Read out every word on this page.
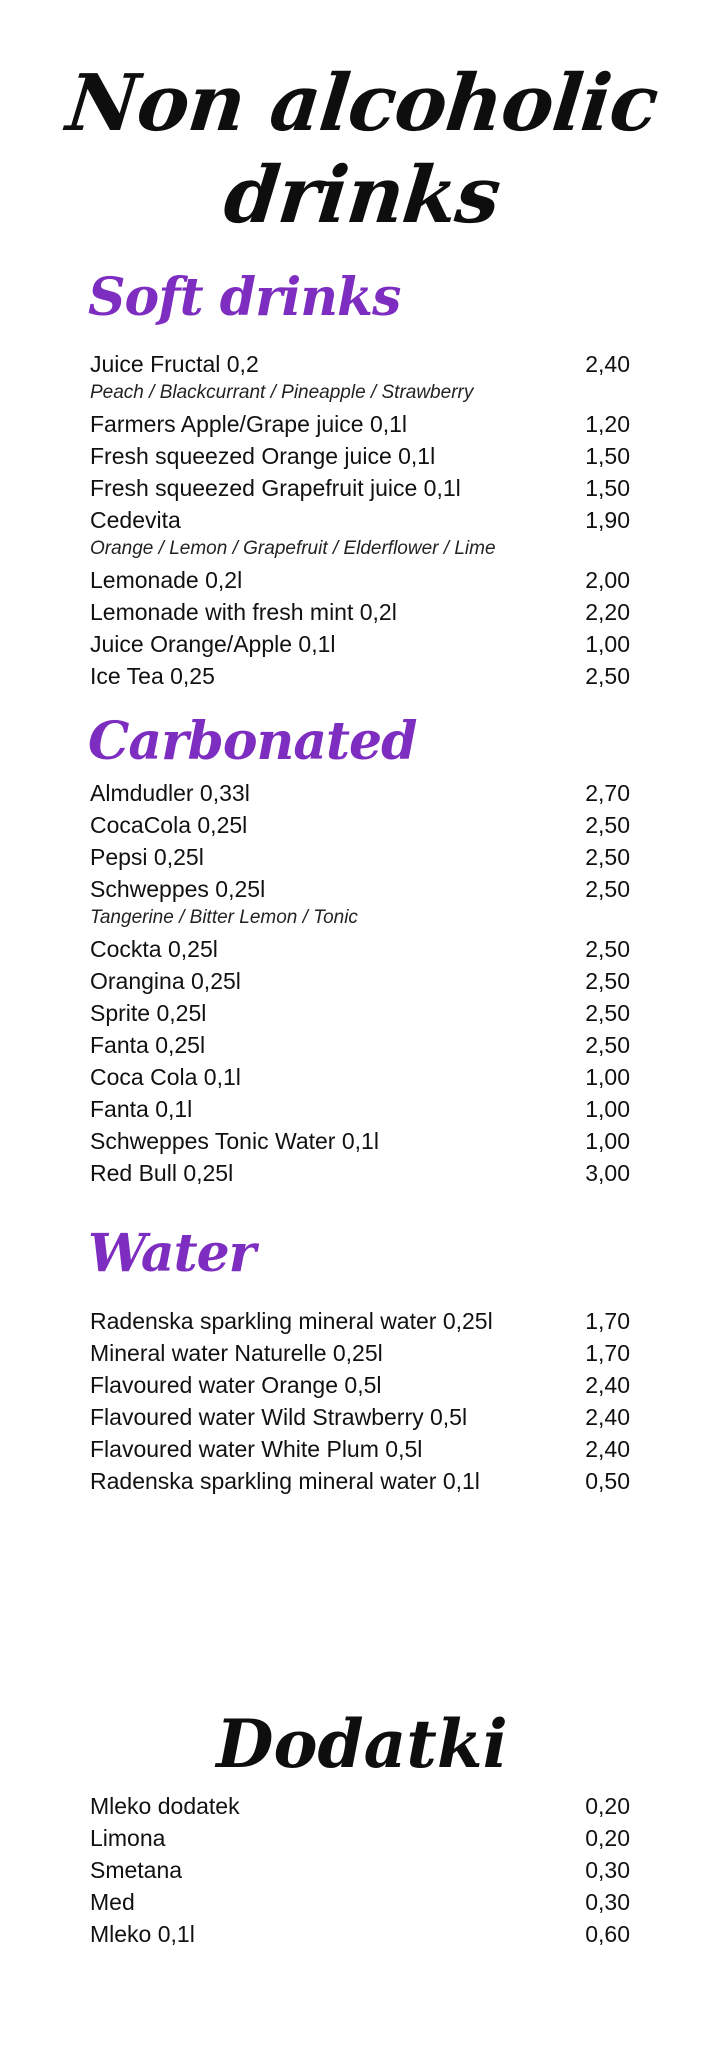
Non alcoholic
drinks
Soft drinks
Juice Fructal 0,2	2,40
Peach / Blackcurrant / Pineapple / Strawberry
Farmers Apple/Grape juice 0,1l	1,20
Fresh squeezed Orange juice 0,1l	1,50
Fresh squeezed Grapefruit juice 0,1l	1,50
Cedevita	1,90
Orange / Lemon / Grapefruit / Elderflower / Lime
Lemonade 0,2l	2,00
Lemonade with fresh mint 0,2l	2,20
Juice Orange/Apple 0,1l	1,00
Ice Tea 0,25	2,50
Carbonated
Almdudler 0,33l	2,70
CocaCola 0,25l	2,50
Pepsi 0,25l	2,50
Schweppes 0,25l	2,50
Tangerine / Bitter Lemon / Tonic
Cockta 0,25l	2,50
Orangina 0,25l	2,50
Sprite 0,25l	2,50
Fanta 0,25l	2,50
Coca Cola 0,1l	1,00
Fanta 0,1l	1,00
Schweppes Tonic Water 0,1l	1,00
Red Bull 0,25l	3,00
Water
Radenska sparkling mineral water 0,25l	1,70
Mineral water Naturelle 0,25l	1,70
Flavoured water Orange 0,5l	2,40
Flavoured water Wild Strawberry 0,5l	2,40
Flavoured water White Plum 0,5l	2,40
Radenska sparkling mineral water 0,1l	0,50
Dodatki
Mleko dodatek	0,20
Limona	0,20
Smetana	0,30
Med	0,30
Mleko 0,1l	0,60
